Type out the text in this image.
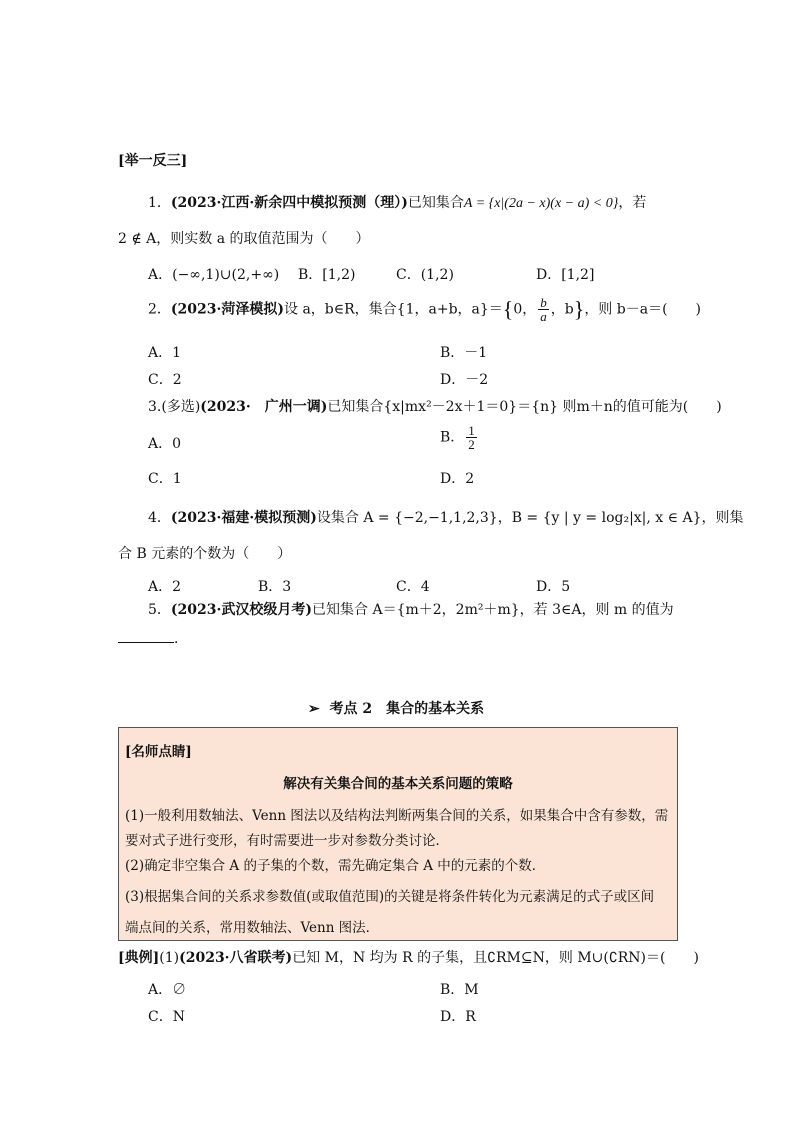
[举一反三]
1．(2023·江西·新余四中模拟预测（理）)已知集合A = {x|(2a − x)(x − a) < 0}，若
2 ∉ A，则实数 a 的取值范围为（　　）
A．(−∞,1)∪(2,+∞) B．[1,2)	C．(1,2)	D．[1,2]
2．(2023·菏泽模拟)设 a，b∈R，集合{1，a+b，a}＝{0， $\frac{b}{a}$ ，b}，则 b－a＝(　　)
A．1	B．－1
C．2	D．－2
3.(多选)(2023·　广州一调)已知集合{x|mx²－2x＋1＝0}＝{n} 则m＋n的值可能为(　　)
A．0	B． $\frac{1}{2}$
C．1	D．2
4．(2023·福建·模拟预测)设集合 A = {−2,−1,1,2,3}，B = {y | y = log₂|x|, x ∈ A}，则集
合 B 元素的个数为（　　）
A．2	B．3	C．4	D．5
5．(2023·武汉校级月考)已知集合 A＝{m＋2，2m²＋m}，若 3∈A，则 m 的值为
．
➢ 考点 2　集合的基本关系
[名师点睛]
解决有关集合间的基本关系问题的策略
(1)一般利用数轴法、Venn 图法以及结构法判断两集合间的关系，如果集合中含有参数，需
要对式子进行变形，有时需要进一步对参数分类讨论．
(2)确定非空集合 A 的子集的个数，需先确定集合 A 中的元素的个数．
(3)根据集合间的关系求参数值(或取值范围)的关键是将条件转化为元素满足的式子或区间
端点间的关系，常用数轴法、Venn 图法．
[典例](1)(2023·八省联考)已知 M，N 均为 R 的子集，且∁RM⊆N，则 M∪(∁RN)＝(　　)
A．∅	B．M
C．N	D．R
